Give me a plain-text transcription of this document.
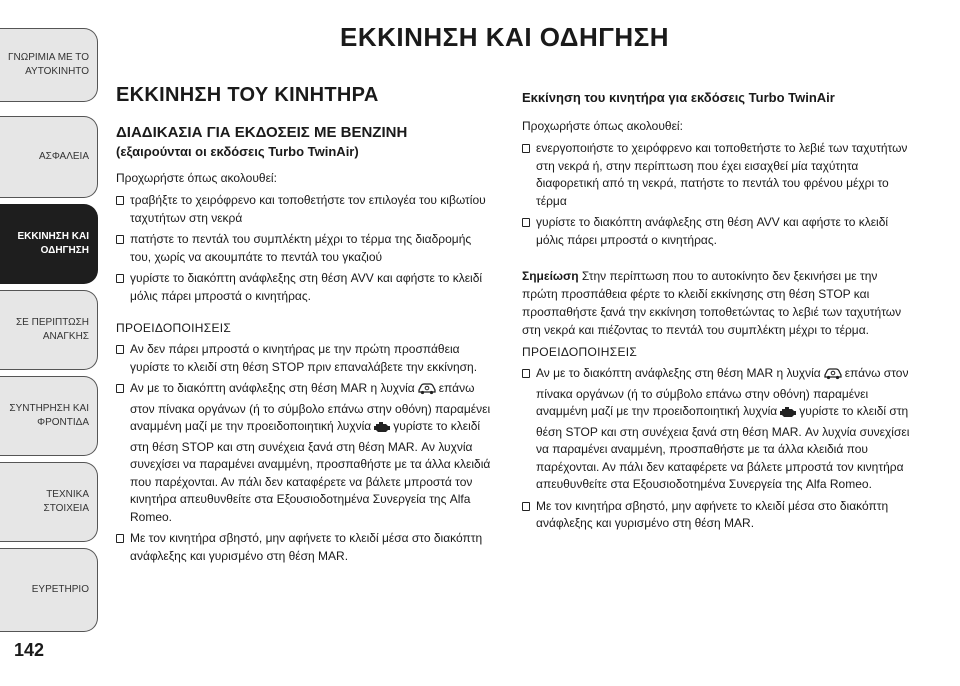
ΕΚΚΙΝΗΣΗ ΚΑΙ ΟΔΗΓΗΣΗ
ΓΝΩΡΙΜΙΑ ΜΕ ΤΟ
ΑΥΤΟΚΙΝΗΤΟ
ΑΣΦΑΛΕΙΑ
ΕΚΚΙΝΗΣΗ ΚΑΙ
ΟΔΗΓΗΣΗ
ΣΕ ΠΕΡΙΠΤΩΣΗ
ΑΝΑΓΚΗΣ
ΣΥΝΤΗΡΗΣΗ ΚΑΙ
ΦΡΟΝΤΙΔΑ
ΤΕΧΝΙΚΑ ΣΤΟΙΧΕΙΑ
ΕΥΡΕΤΗΡΙΟ
142
ΕΚΚΙΝΗΣΗ ΤΟΥ ΚΙΝΗΤΗΡΑ
ΔΙΑΔΙΚΑΣΙΑ ΓΙΑ ΕΚΔΟΣΕΙΣ ΜΕ ΒΕΝΖΙΝΗ
(εξαιρούνται οι εκδόσεις Turbo TwinAir)

Προχωρήστε όπως ακολουθεί:

τραβήξτε το χειρόφρενο και τοποθετήστε τον επιλογέα του κιβωτίου ταχυτήτων στη νεκρά
πατήστε το πεντάλ του συμπλέκτη μέχρι το τέρμα της διαδρομής του, χωρίς να ακουμπάτε το πεντάλ του γκαζιού
γυρίστε το διακόπτη ανάφλεξης στη θέση AVV και αφήστε το κλειδί μόλις πάρει μπροστά ο κινητήρας.
ΠΡΟΕΙΔΟΠΟΙΗΣΕΙΣ
Αν δεν πάρει μπροστά ο κινητήρας με την πρώτη προσπάθεια γυρίστε το κλειδί στη θέση STOP πριν επαναλάβετε την εκκίνηση.
Αν με το διακόπτη ανάφλεξης στη θέση MAR η λυχνία επάνω στον πίνακα οργάνων (ή το σύμβολο επάνω στην οθόνη) παραμένει αναμμένη μαζί με την προειδοποιητική λυχνία γυρίστε το κλειδί στη θέση STOP και στη συνέχεια ξανά στη θέση MAR. Αν λυχνία συνεχίσει να παραμένει αναμμένη, προσπαθήστε με τα άλλα κλειδιά που παρέχονται. Αν πάλι δεν καταφέρετε να βάλετε μπροστά τον κινητήρα απευθυνθείτε στα Εξουσιοδοτημένα Συνεργεία της Alfa Romeo.
Με τον κινητήρα σβηστό, μην αφήνετε το κλειδί μέσα στο διακόπτη ανάφλεξης και γυρισμένο στη θέση MAR.
Εκκίνηση του κινητήρα για εκδόσεις Turbo TwinAir

Προχωρήστε όπως ακολουθεί:

ενεργοποιήστε το χειρόφρενο και τοποθετήστε το λεβιέ των ταχυτήτων στη νεκρά ή, στην περίπτωση που έχει εισαχθεί μία ταχύτητα διαφορετική από τη νεκρά, πατήστε το πεντάλ του φρένου μέχρι το τέρμα
γυρίστε το διακόπτη ανάφλεξης στη θέση AVV και αφήστε το κλειδί μόλις πάρει μπροστά ο κινητήρας.
Σημείωση Στην περίπτωση που το αυτοκίνητο δεν ξεκινήσει με την πρώτη προσπάθεια φέρτε το κλειδί εκκίνησης στη θέση STOP και προσπαθήστε ξανά την εκκίνηση τοποθετώντας το λεβιέ των ταχυτήτων στη νεκρά και πιέζοντας το πεντάλ του συμπλέκτη μέχρι το τέρμα.
ΠΡΟΕΙΔΟΠΟΙΗΣΕΙΣ
Αν με το διακόπτη ανάφλεξης στη θέση MAR η λυχνία επάνω στον πίνακα οργάνων (ή το σύμβολο επάνω στην οθόνη) παραμένει αναμμένη μαζί με την προειδοποιητική λυχνία γυρίστε το κλειδί στη θέση STOP και στη συνέχεια ξανά στη θέση MAR. Αν λυχνία συνεχίσει να παραμένει αναμμένη, προσπαθήστε με τα άλλα κλειδιά που παρέχονται. Αν πάλι δεν καταφέρετε να βάλετε μπροστά τον κινητήρα απευθυνθείτε στα Εξουσιοδοτημένα Συνεργεία της Alfa Romeo.
Με τον κινητήρα σβηστό, μην αφήνετε το κλειδί μέσα στο διακόπτη ανάφλεξης και γυρισμένο στη θέση MAR.
